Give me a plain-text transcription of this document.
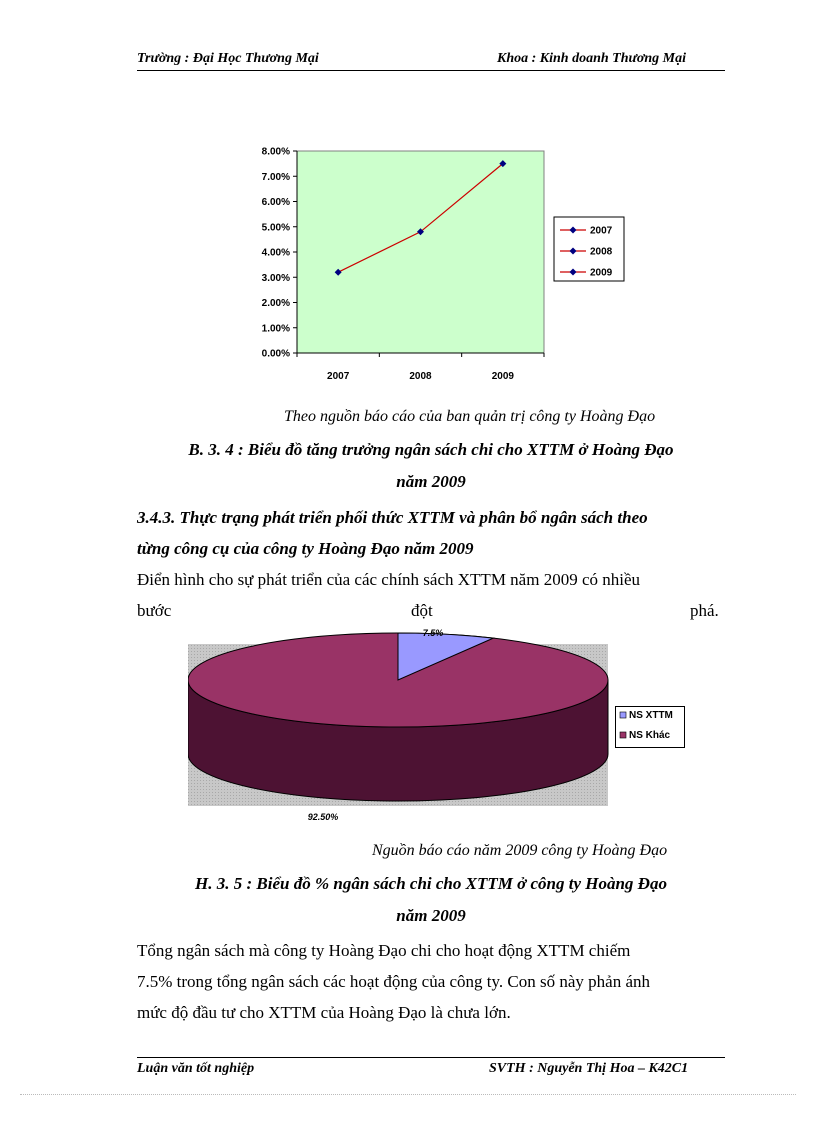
Trường : Đại Học Thương Mại	Khoa : Kinh doanh Thương Mại
0.00%
1.00%
2.00%
3.00%
4.00%
5.00%
6.00%
7.00%
8.00%
2007	2008	2009
2007
2008
2009
Theo nguồn báo cáo của ban quản trị công ty Hoàng Đạo
B. 3. 4 : Biểu đồ tăng trưởng ngân sách chi cho XTTM ở Hoàng Đạo
năm 2009
3.4.3. Thực trạng phát triển phối thức XTTM và phân bổ ngân sách theo
từng công cụ của công ty Hoàng Đạo năm 2009
Điển hình cho sự phát triển của các chính sách XTTM năm 2009 có nhiều
bước	đột	phá.
7.5%
92.50%
NS XTTM
NS Khác
Nguồn báo cáo năm 2009 công ty Hoàng Đạo
H. 3. 5 : Biểu đồ % ngân sách chi cho XTTM ở công ty Hoàng Đạo
năm 2009
Tổng ngân sách mà công ty Hoàng Đạo chi cho hoạt động XTTM chiếm
7.5% trong tổng ngân sách các hoạt động của công ty. Con số này phản ánh
mức độ đầu tư cho XTTM của Hoàng Đạo là chưa lớn.
Luận văn tốt nghiệp	SVTH : Nguyễn Thị Hoa – K42C1
